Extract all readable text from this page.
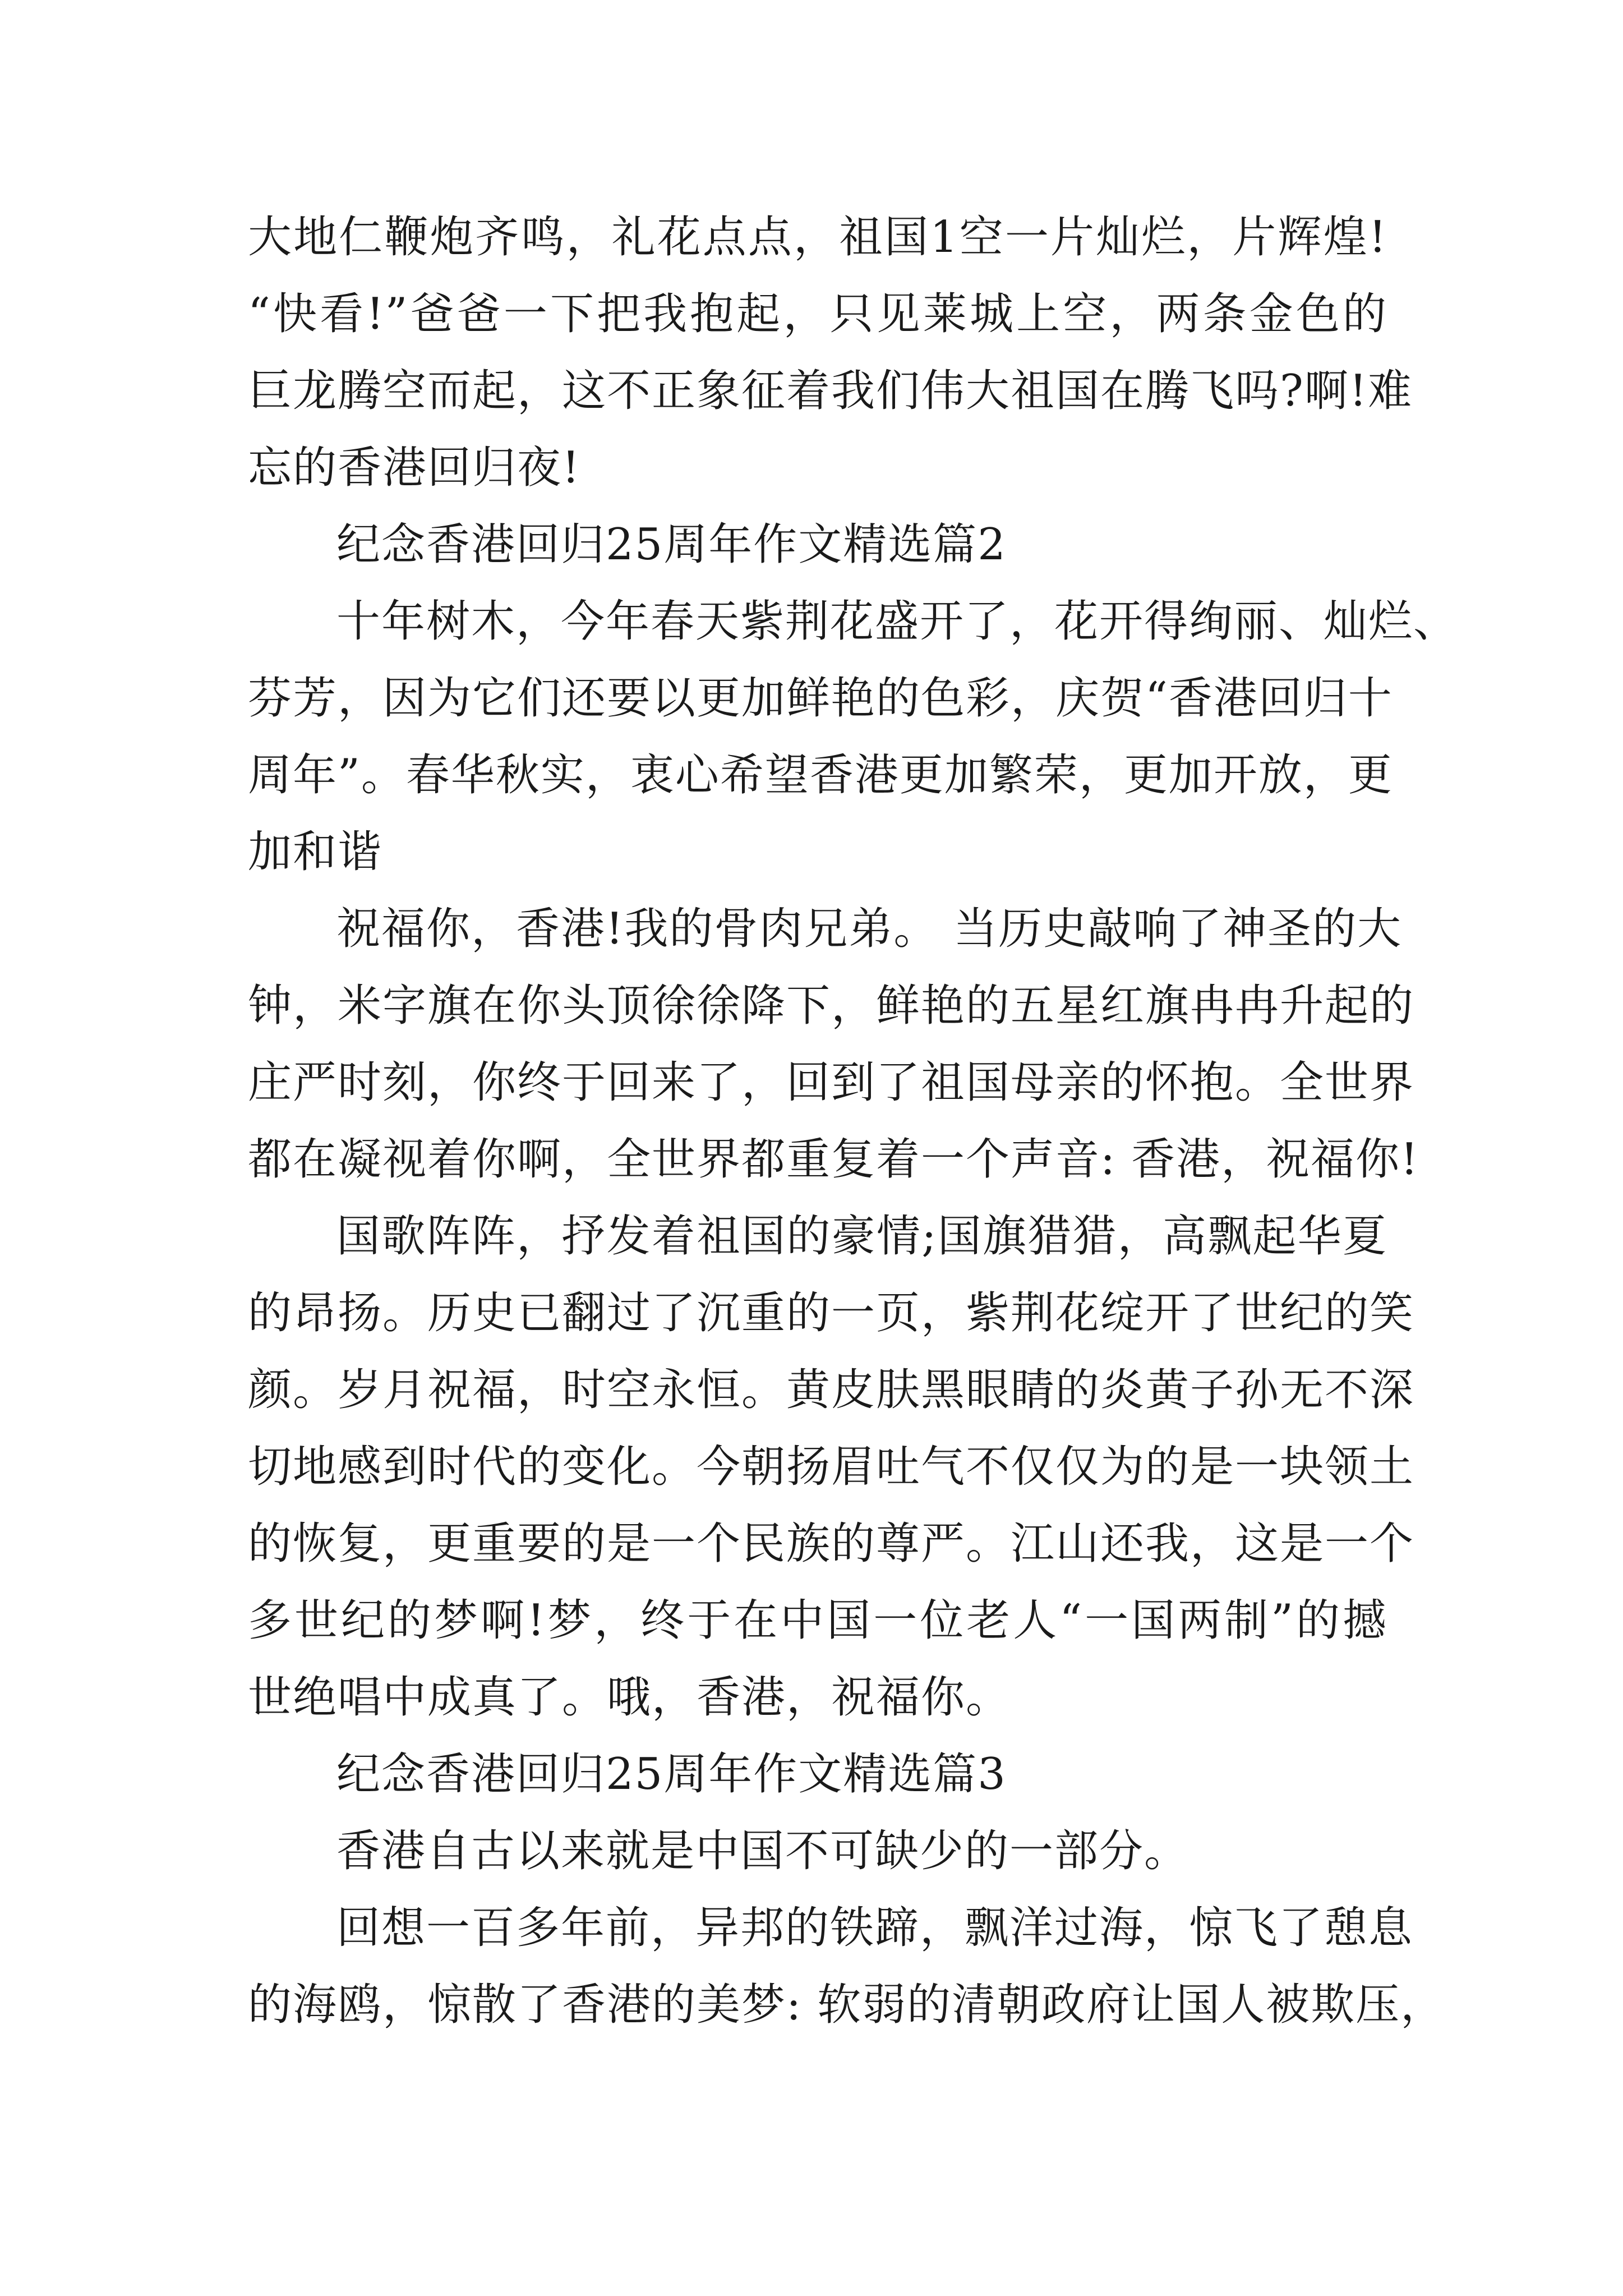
大地仁鞭炮齐鸣，礼花点点，祖国1空一片灿烂，片辉煌!
“快看!”爸爸一下把我抱起，只见莱城上空，两条金色的
巨龙腾空而起，这不正象征着我们伟大祖国在腾飞吗?啊!难
忘的香港回归夜!
纪念香港回归25周年作文精选篇2
十年树木，今年春天紫荆花盛开了，花开得绚丽、灿烂、
芬芳，因为它们还要以更加鲜艳的色彩，庆贺“香港回归十
周年”。春华秋实，衷心希望香港更加繁荣，更加开放，更
加和谐
祝福你，香港!我的骨肉兄弟。 当历史敲响了神圣的大
钟，米字旗在你头顶徐徐降下，鲜艳的五星红旗冉冉升起的
庄严时刻，你终于回来了，回到了祖国母亲的怀抱。全世界
都在凝视着你啊，全世界都重复着一个声音: 香港，祝福你!
国歌阵阵，抒发着祖国的豪情;国旗猎猎，高飘起华夏
的昂扬。历史已翻过了沉重的一页，紫荆花绽开了世纪的笑
颜。岁月祝福，时空永恒。黄皮肤黑眼睛的炎黄子孙无不深
切地感到时代的变化。今朝扬眉吐气不仅仅为的是一块领土
的恢复，更重要的是一个民族的尊严。江山还我，这是一个
多世纪的梦啊!梦，终于在中国一位老人“一国两制”的撼
世绝唱中成真了。哦，香港，祝福你。
纪念香港回归25周年作文精选篇3
香港自古以来就是中国不可缺少的一部分。
回想一百多年前，异邦的铁蹄，飘洋过海，惊飞了憩息
的海鸥，惊散了香港的美梦: 软弱的清朝政府让国人被欺压，
